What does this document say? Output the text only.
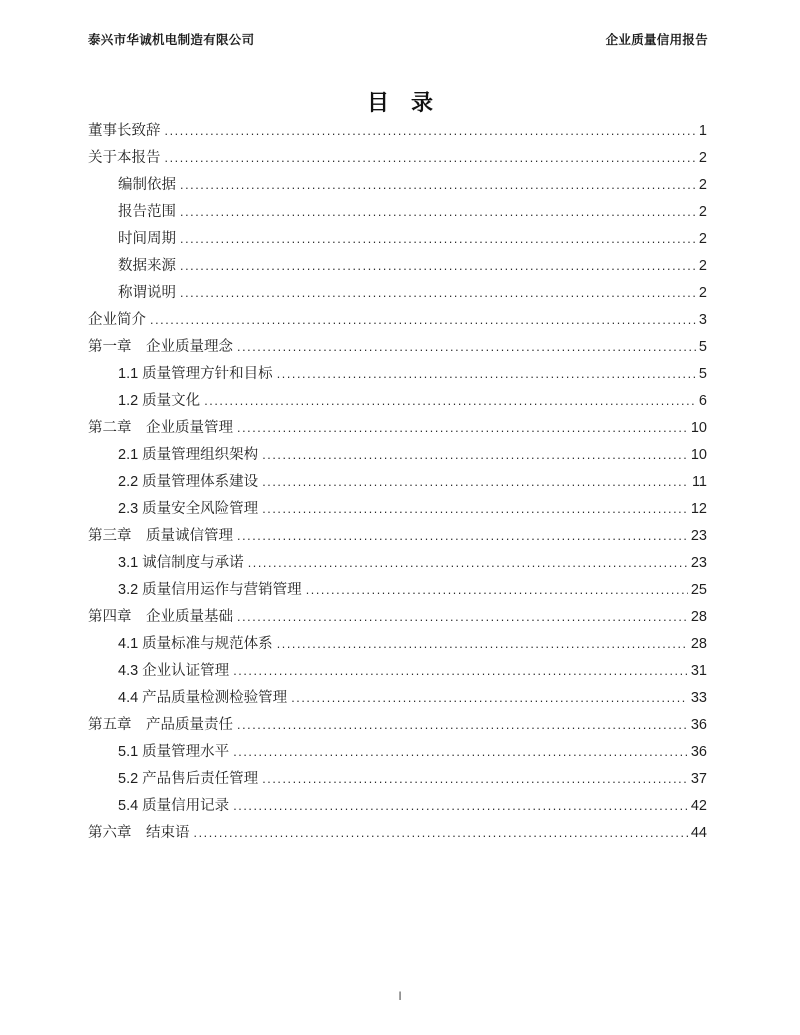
泰兴市华诚机电制造有限公司	企业质量信用报告
目　录
董事长致辞 .....	1
关于本报告 .....	2
编制依据 .....	2
报告范围 .....	2
时间周期 .....	2
数据来源 .....	2
称谓说明 .....	2
企业简介 .....	3
第一章　企业质量理念 .....	5
1.1 质量管理方针和目标 .....	5
1.2 质量文化 .....	6
第二章　企业质量管理 .....	10
2.1 质量管理组织架构 .....	10
2.2 质量管理体系建设 .....	11
2.3 质量安全风险管理 .....	12
第三章　质量诚信管理 .....	23
3.1 诚信制度与承诺 .....	23
3.2 质量信用运作与营销管理 .....	25
第四章　企业质量基础 .....	28
4.1 质量标准与规范体系 .....	28
4.3 企业认证管理 .....	31
4.4 产品质量检测检验管理 .....	33
第五章　产品质量责任 .....	36
5.1 质量管理水平 .....	36
5.2 产品售后责任管理 .....	37
5.4 质量信用记录 .....	42
第六章　结束语 .....	44
I
